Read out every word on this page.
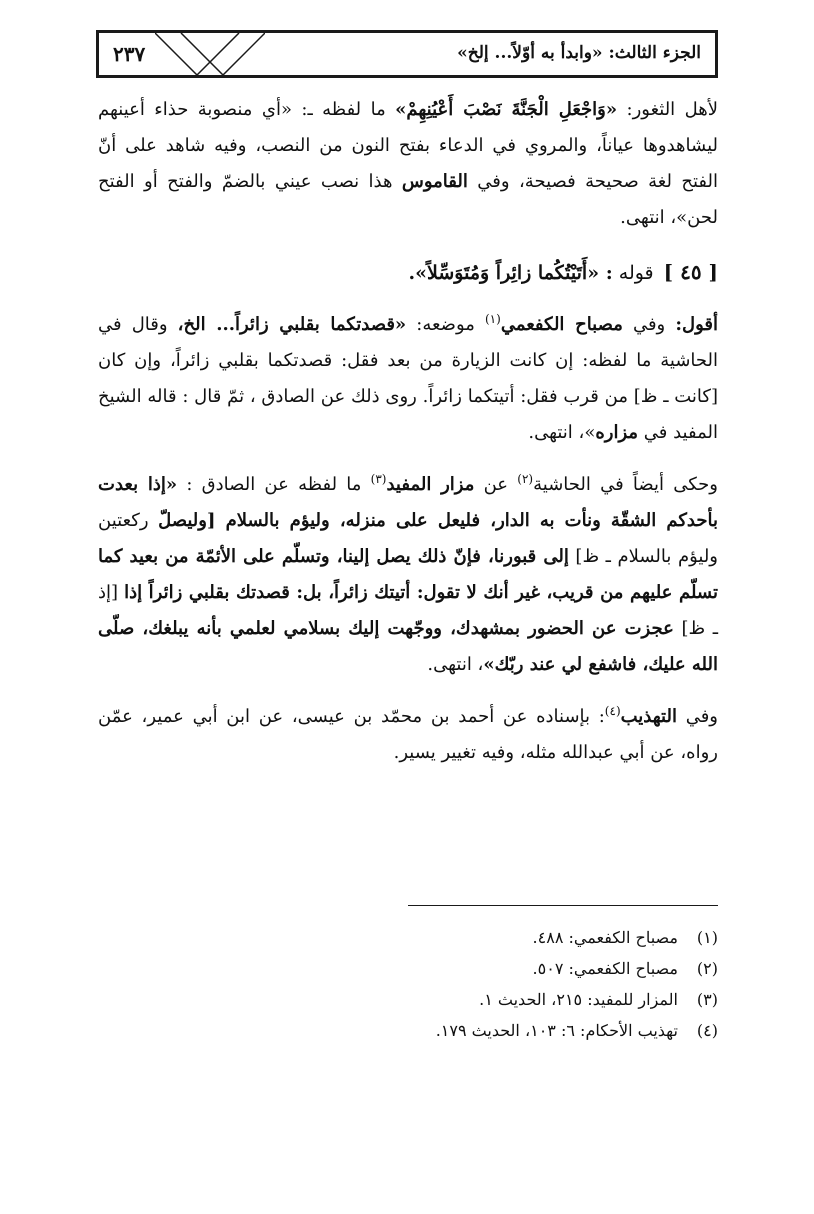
الجزء الثالث: «وابدأ به أوّلاً... إلخ»
٢٣٧

لأهل الثغور: «وَاجْعَلِ الْجَنَّةَ نَصْبَ أَعْيُنِهِمْ» ما لفظه ـ: «أي منصوبة حذاء أعينهم ليشاهدوها عياناً، والمروي في الدعاء بفتح النون من النصب، وفيه شاهد على أنّ الفتح لغة صحيحة فصيحة، وفي القاموس هذا نصب عيني بالضمّ والفتح أو الفتح لحن»، انتهى.

[ ٤٥ ]قوله : «أَتَيْتُكُما زائِراً وَمُتَوَسِّلاً».

أقول: وفي مصباح الكفعمي$^{(١)}$ موضعه: «قصدتكما بقلبي زائراً... الخ، وقال في الحاشية ما لفظه: إن كانت الزيارة من بعد فقل: قصدتكما بقلبي زائراً، وإن كان [كانت ـ ظ] من قرب فقل: أتيتكما زائراً. روى ذلك عن الصادق ، ثمّ قال : قاله الشيخ المفيد في مزاره»، انتهى.

وحكى أيضاً في الحاشية$^{(٢)}$ عن مزار المفيد$^{(٣)}$ ما لفظه عن الصادق : «إذا بعدت بأحدكم الشقّة ونأت به الدار، فليعل على منزله، وليؤم بالسلام [وليصلّ ركعتين وليؤم بالسلام ـ ظ] إلى قبورنا، فإنّ ذلك يصل إلينا، وتسلّم على الأئمّة من بعيد كما تسلّم عليهم من قريب، غير أنك لا تقول: أتيتك زائراً، بل: قصدتك بقلبي زائراً إذا [إذ ـ ظ] عجزت عن الحضور بمشهدك، ووجّهت إليك بسلامي لعلمي بأنه يبلغك، صلّى الله عليك، فاشفع لي عند ربّك»، انتهى.

وفي التهذيب$^{(٤)}$: بإسناده عن أحمد بن محمّد بن عيسى، عن ابن أبي عمير، عمّن رواه، عن أبي عبدالله مثله، وفيه تغيير يسير.

(١)مصباح الكفعمي: ٤٨٨.

(٢)مصباح الكفعمي: ٥٠٧.

(٣)المزار للمفيد: ٢١٥، الحديث ١.

(٤)تهذيب الأحكام: ٦: ١٠٣، الحديث ١٧٩.
